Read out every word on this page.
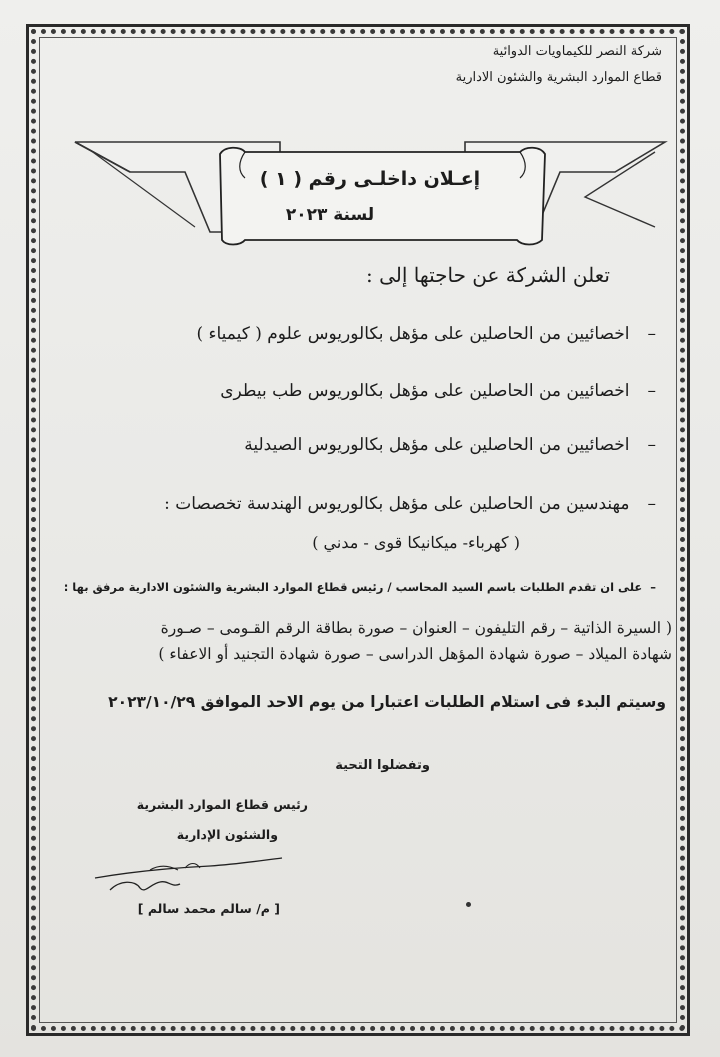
شركة النصر للكيماويات الدوائية
قطاع الموارد البشرية والشئون الادارية
إعـلان داخلـى رقم ( ١ )
لسنة ٢٠٢٣
تعلن الشركة عن حاجتها إلى :
–اخصائيين من الحاصلين على مؤهل بكالوريوس علوم ( كيمياء )
–اخصائيين من الحاصلين على مؤهل بكالوريوس طب بيطرى
–اخصائيين من الحاصلين على مؤهل بكالوريوس الصيدلية
–مهندسين من الحاصلين على مؤهل بكالوريوس الهندسة تخصصات :
( كهرباء- ميكانيكا قوى - مدني )
–على ان تقدم الطلبات باسم السيد المحاسب / رئيس قطاع الموارد البشرية والشئون الادارية مرفق بها :
( السيرة الذاتية – رقم التليفون – العنوان – صورة بطاقة الرقم القـومى – صـورة
شهادة الميلاد – صورة شهادة المؤهل الدراسى – صورة شهادة التجنيد أو الاعفاء )
وسيتم البدء فى استلام الطلبات اعتبارا من يوم الاحد الموافق ٢٠٢٣/١٠/٢٩
وتفضلوا التحية
رئيس قطاع الموارد البشرية
والشئون الإدارية
[ م/ سالم محمد سالم ]
